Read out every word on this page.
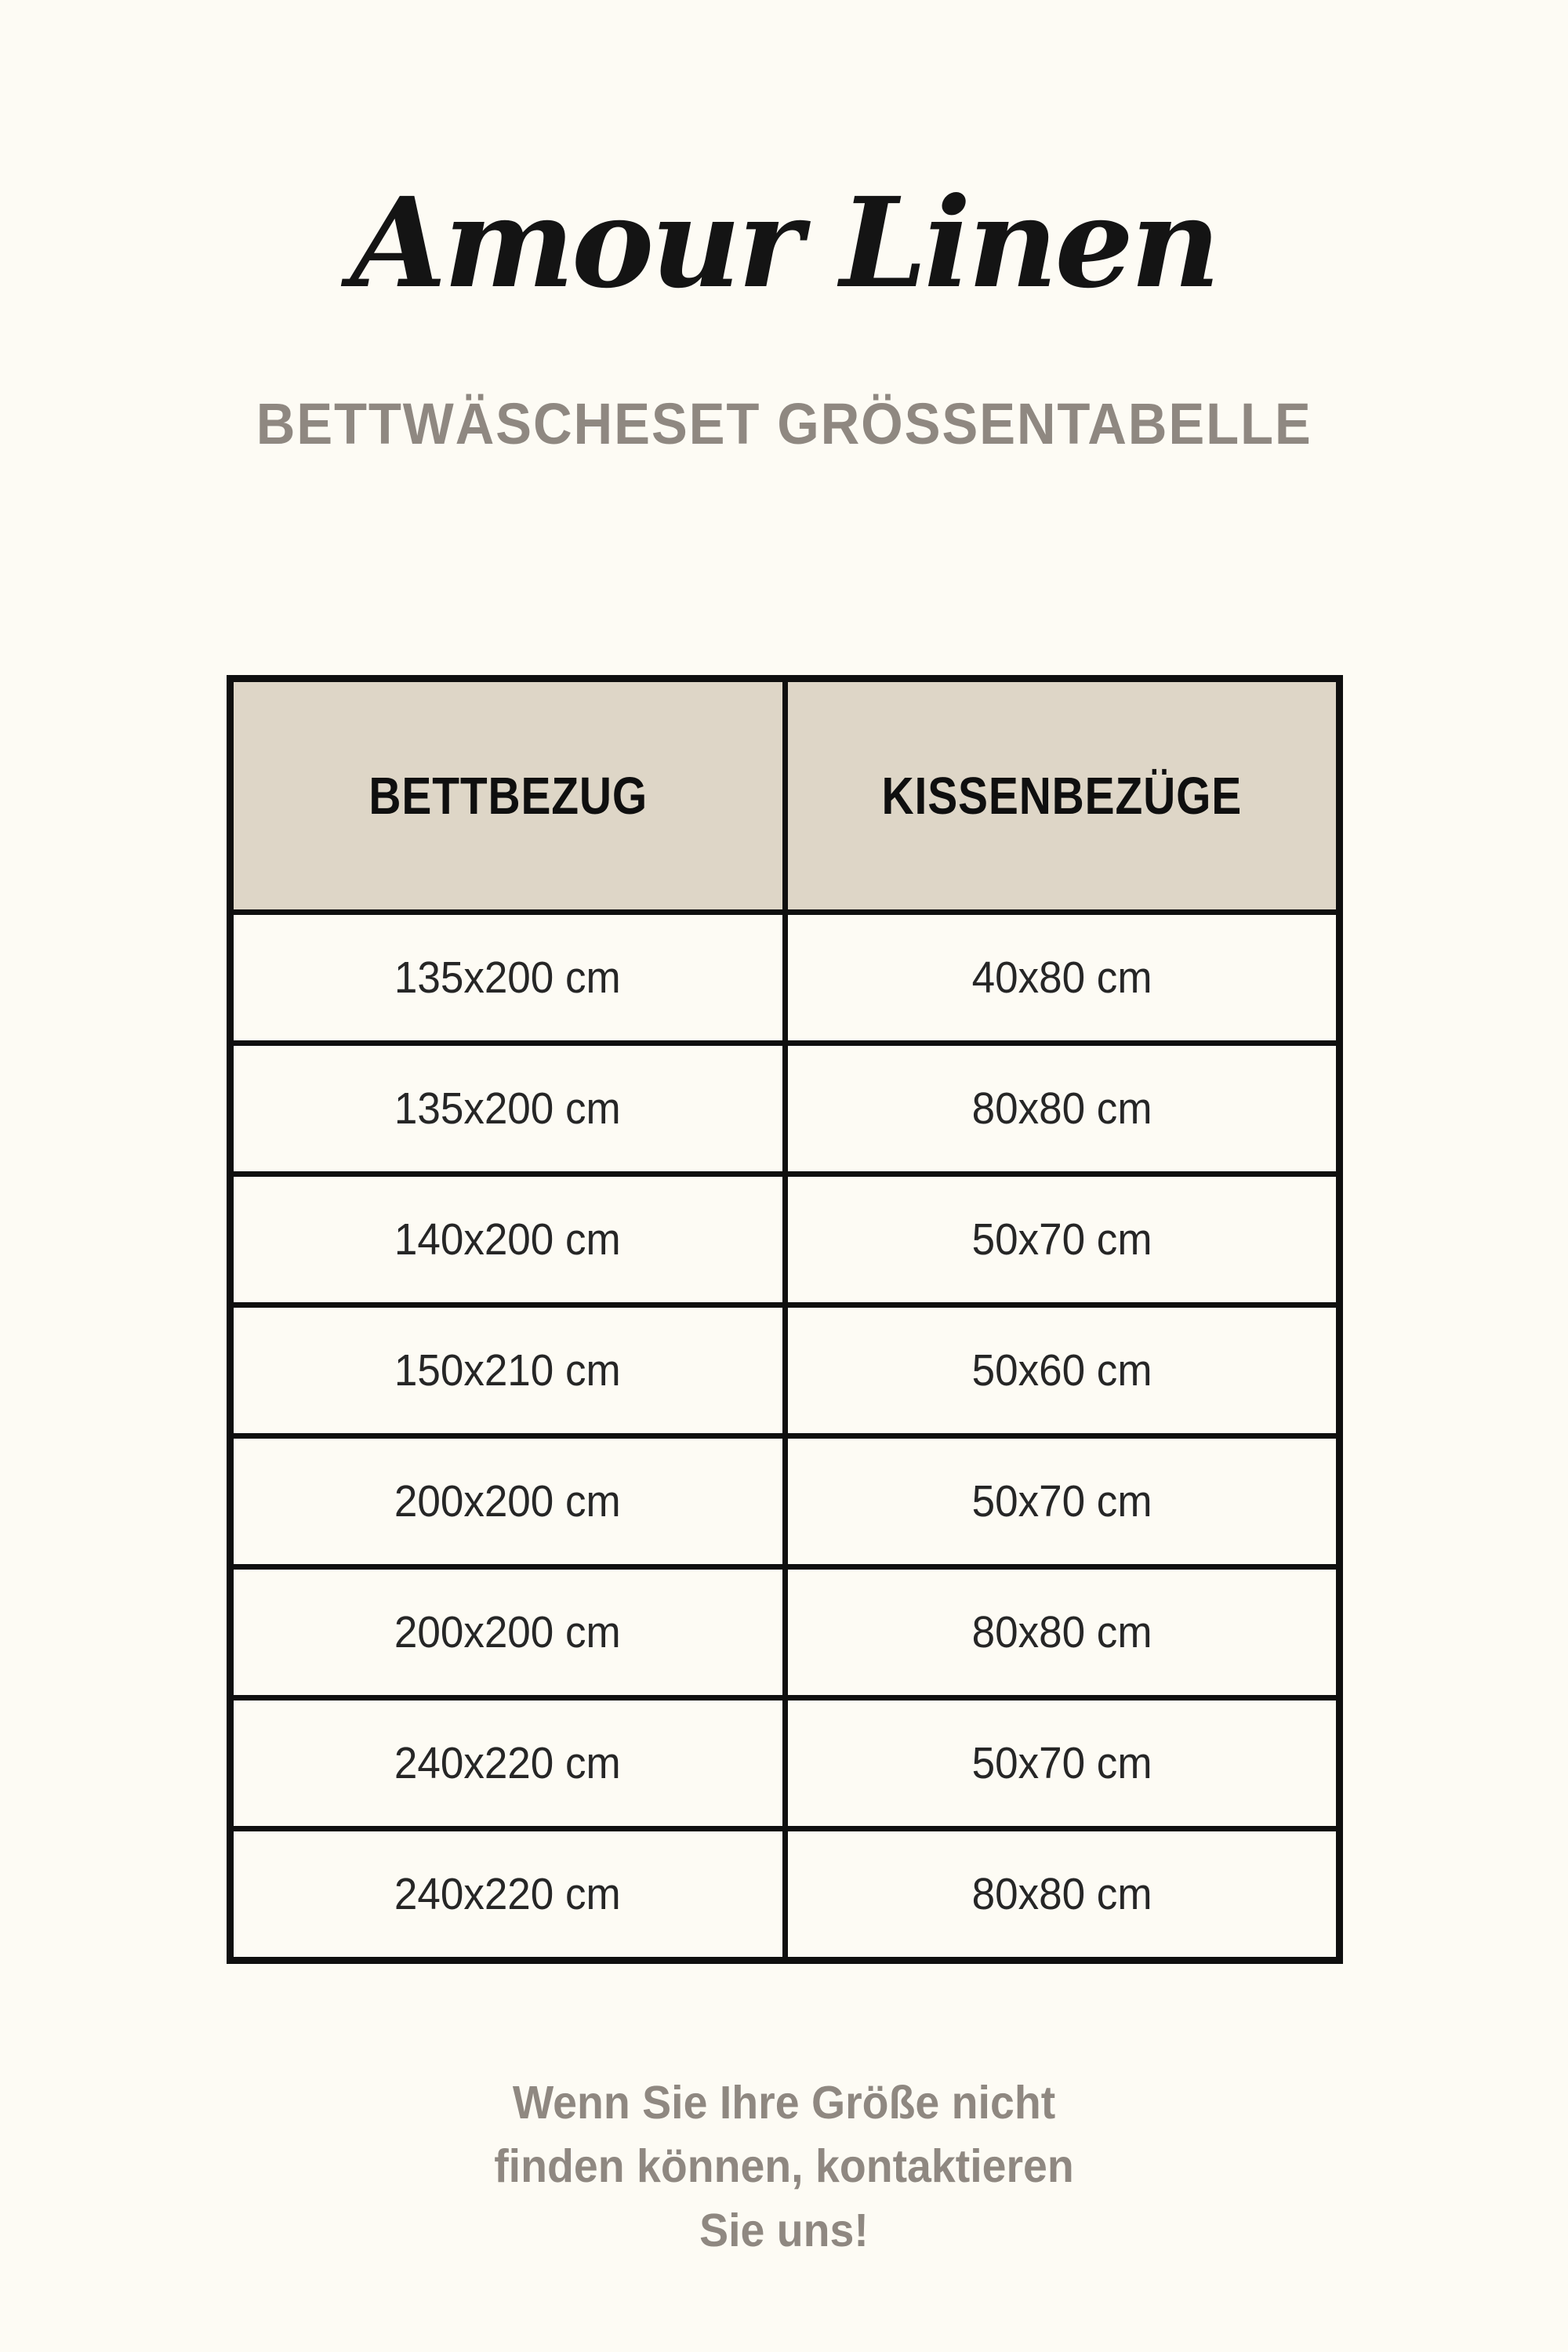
Amour Linen
BETTWÄSCHESET GRÖSSENTABELLE
BETTBEZUG	KISSENBEZÜGE
135x200 cm	40x80 cm
135x200 cm	80x80 cm
140x200 cm	50x70 cm
150x210 cm	50x60 cm
200x200 cm	50x70 cm
200x200 cm	80x80 cm
240x220 cm	50x70 cm
240x220 cm	80x80 cm

Wenn Sie Ihre Größe nicht
finden können, kontaktieren
Sie uns!
